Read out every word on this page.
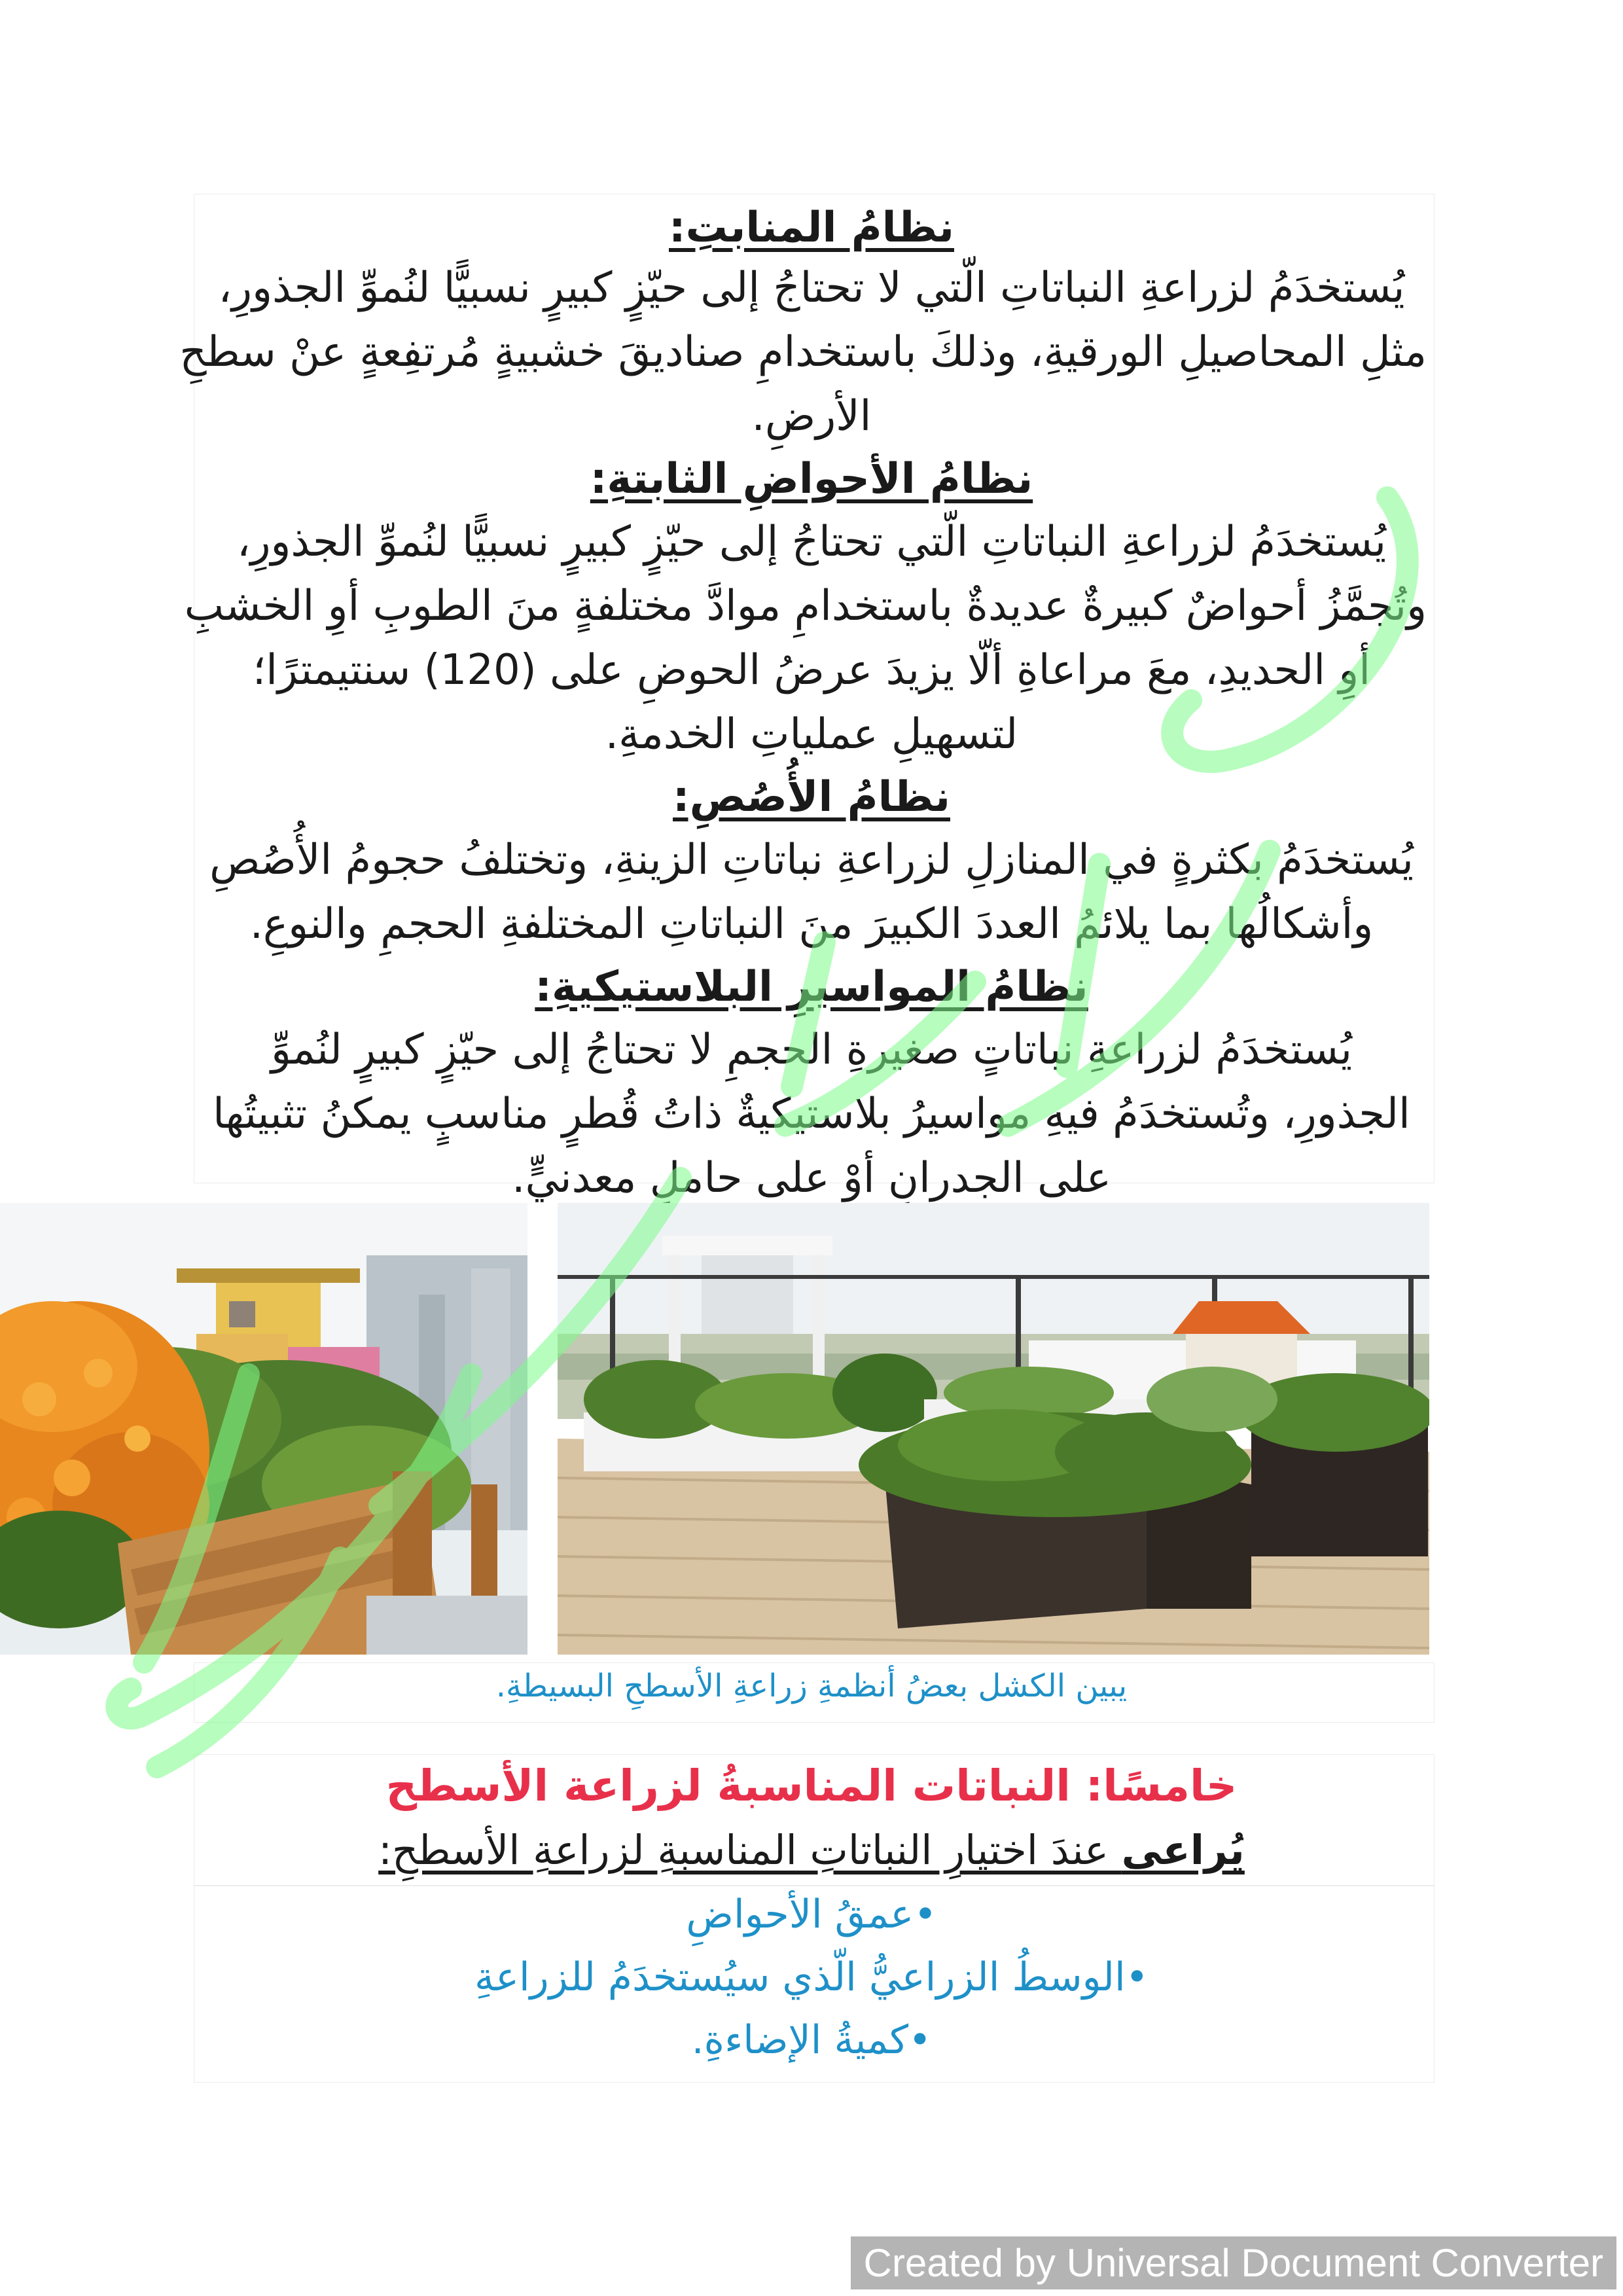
نظامُ المنابتِ:
يُستخدَمُ لزراعةِ النباتاتِ الّتي لا تحتاجُ إلى حيّزٍ كبيرٍ نسبيًّا لنُموِّ الجذورِ،
مثلِ المحاصيلِ الورقيةِ، وذلكَ باستخدامِ صناديقَ خشبيةٍ مُرتفِعةٍ عنْ سطحِ
الأرضِ.
نظامُ الأحواضِ الثابتةِ:
يُستخدَمُ لزراعةِ النباتاتِ الّتي تحتاجُ إلى حيّزٍ كبيرٍ نسبيًّا لنُموِّ الجذورِ،
وتُجمَّزُ أحواضٌ كبيرةٌ عديدةٌ باستخدامِ موادَّ مختلفةٍ منَ الطوبِ أوِ الخشبِ
أوِ الحديدِ، معَ مراعاةِ ألّا يزيدَ عرضُ الحوضِ على (120) سنتيمترًا؛
لتسهيلِ عملياتِ الخدمةِ.
نظامُ الأُصُصِ:
يُستخدَمُ بكثرةٍ في المنازلِ لزراعةِ نباتاتِ الزينةِ، وتختلفُ حجومُ الأُصُصِ
وأشكالُها بما يلائمُ العددَ الكبيرَ منَ النباتاتِ المختلفةِ الحجمِ والنوعِ.
نظامُ المواسيرِ البلاستيكيةِ:
يُستخدَمُ لزراعةِ نباتاتٍ صغيرةِ الحجمِ لا تحتاجُ إلى حيّزٍ كبيرٍ لنُموِّ
الجذورِ، وتُستخدَمُ فيهِ مواسيرُ بلاستيكيةٌ ذاتُ قُطرٍ مناسبٍ يمكنُ تثبيتُها
على الجدرانِ أوْ على حاملٍ معدنيٍّ.
يبين الكشل بعضُ أنظمةِ زراعةِ الأسطحِ البسيطةِ.
خامسًا: النباتات المناسبةُ لزراعة الأسطح
يُراعى عندَ اختيارِ النباتاتِ المناسبةِ لزراعةِ الأسطحِ:
•عمقُ الأحواضِ
•الوسطُ الزراعيُّ الّذي سيُستخدَمُ للزراعةِ
•كميةُ الإضاءةِ.
Created by Universal Document Converter
